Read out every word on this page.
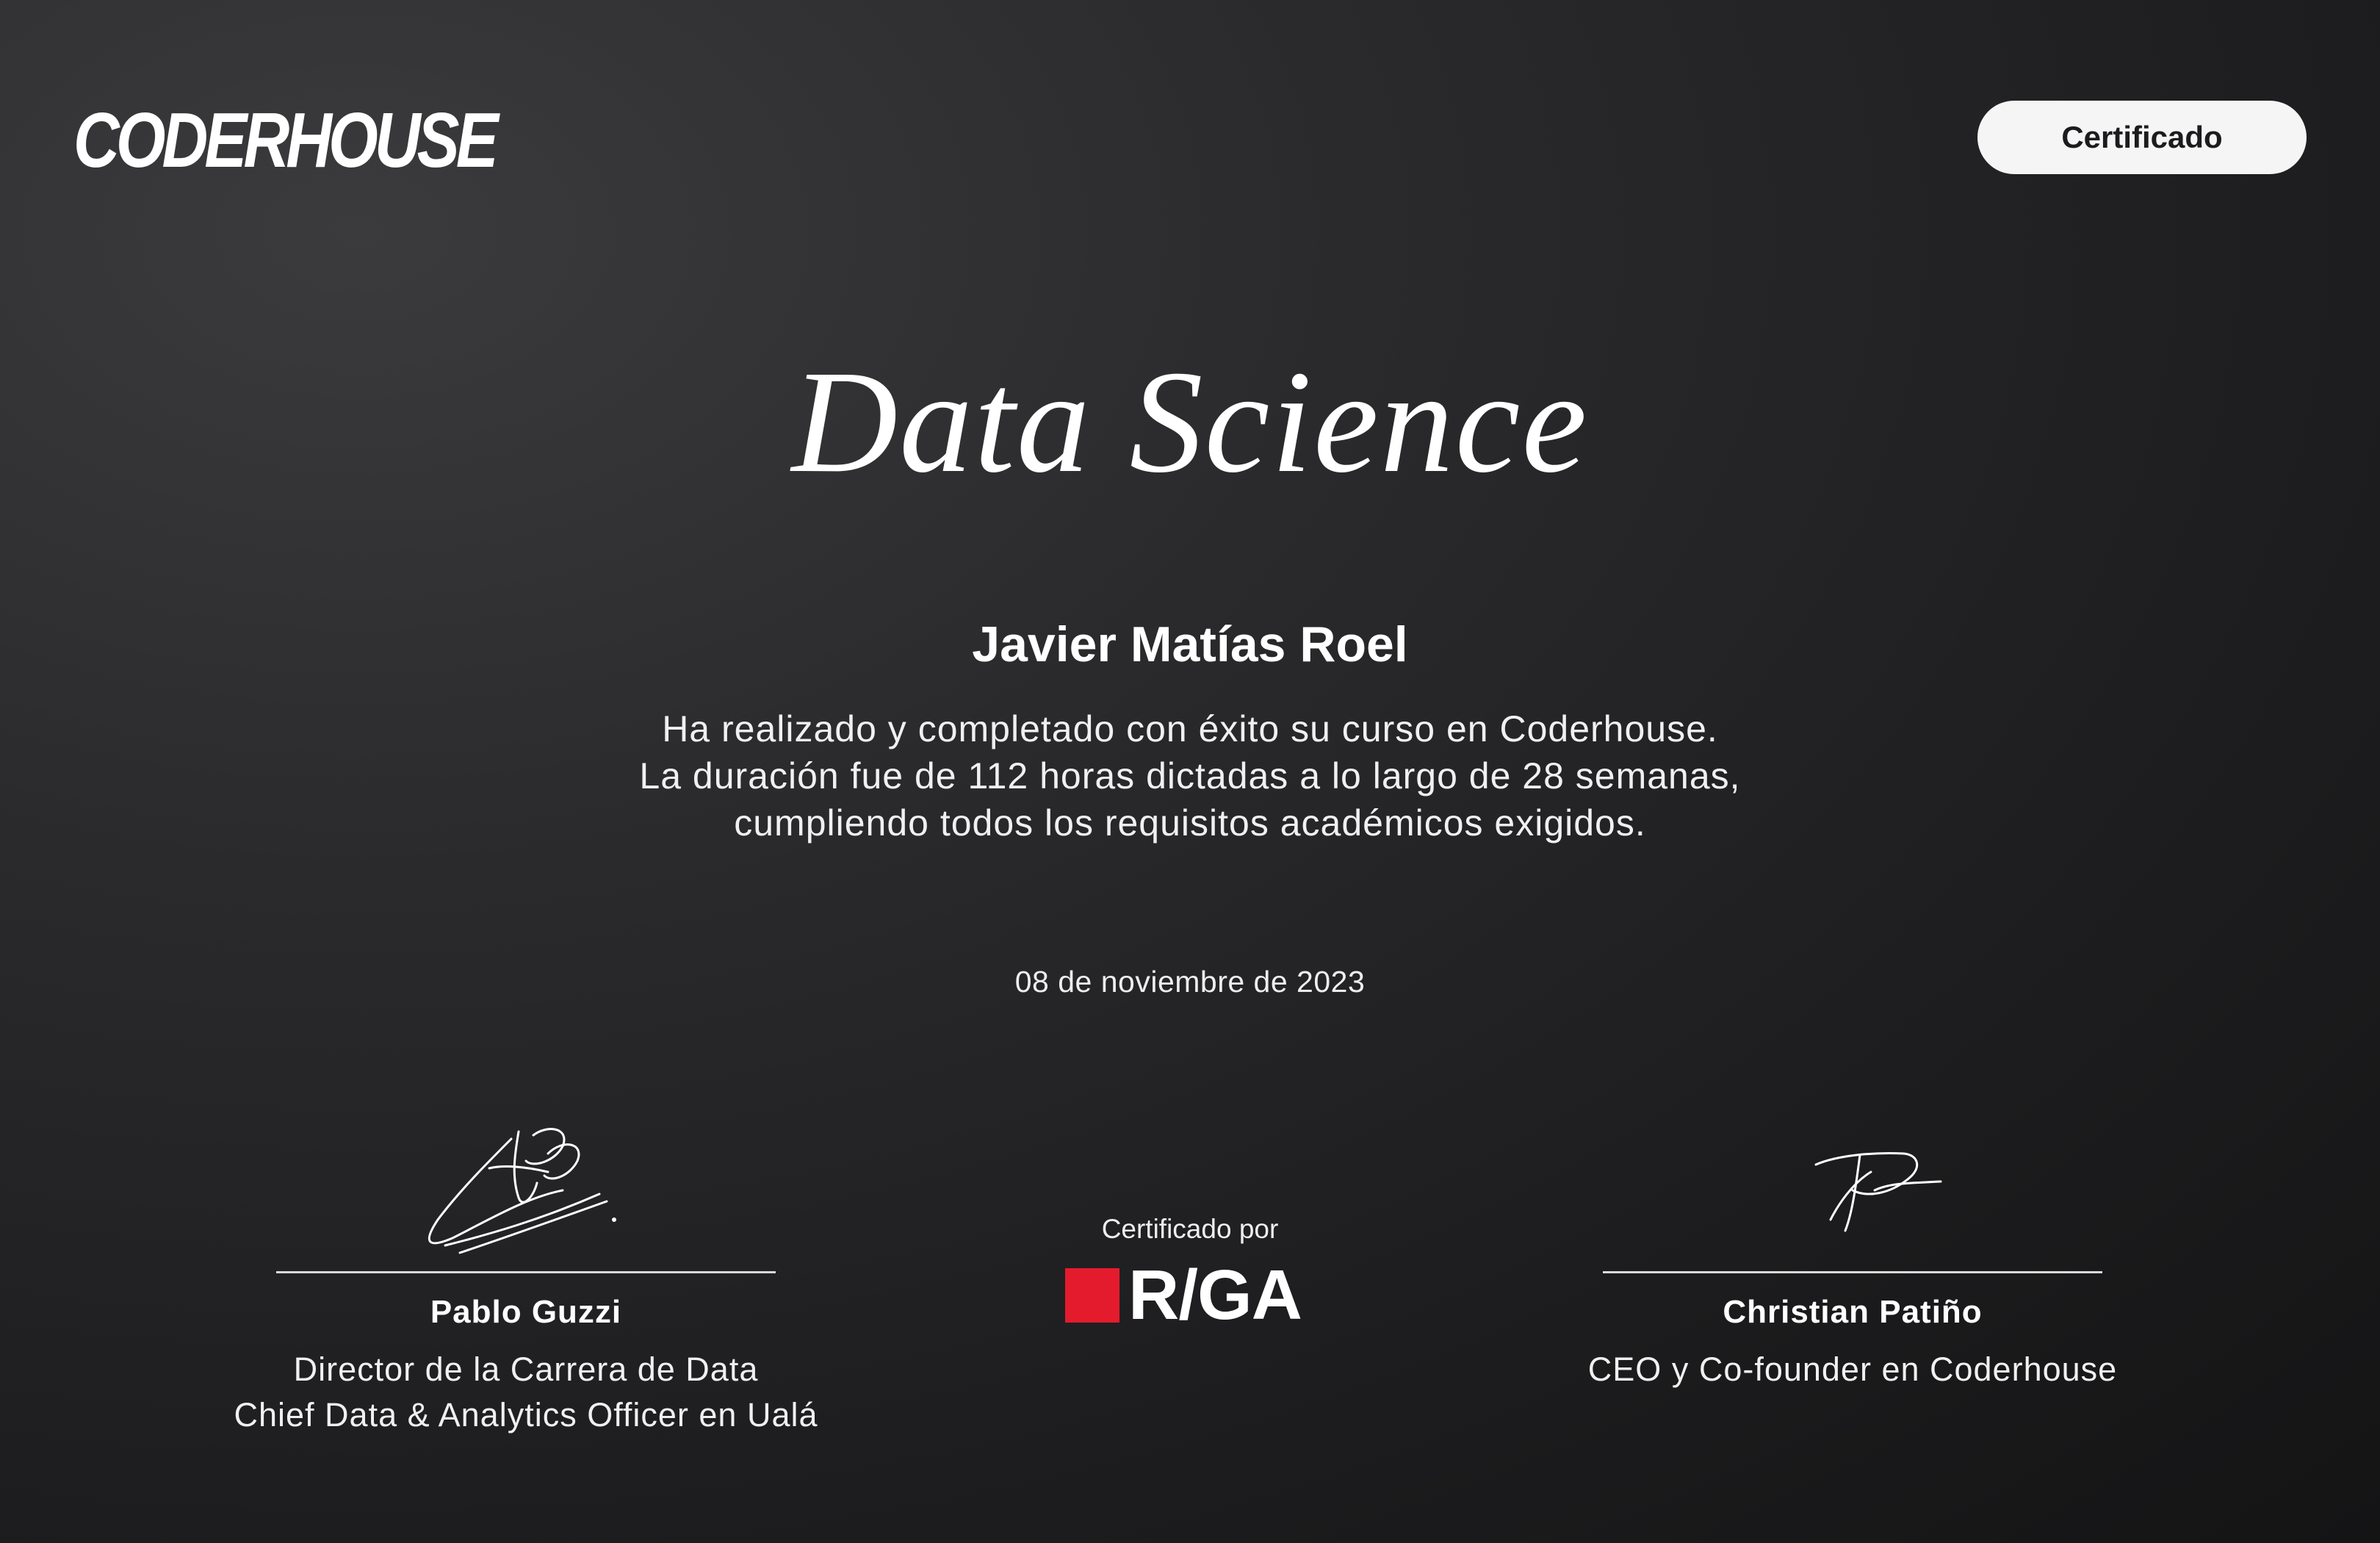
CODERHOUSE	Certificado
Data Science
Javier Matías Roel
Ha realizado y completado con éxito su curso en Coderhouse.
La duración fue de 112 horas dictadas a lo largo de 28 semanas,
cumpliendo todos los requisitos académicos exigidos.
08 de noviembre de 2023
Pablo Guzzi
Director de la Carrera de Data
Chief Data & Analytics Officer en Ualá
Certificado por
R/GA	Christian Patiño
CEO y Co-founder en Coderhouse
